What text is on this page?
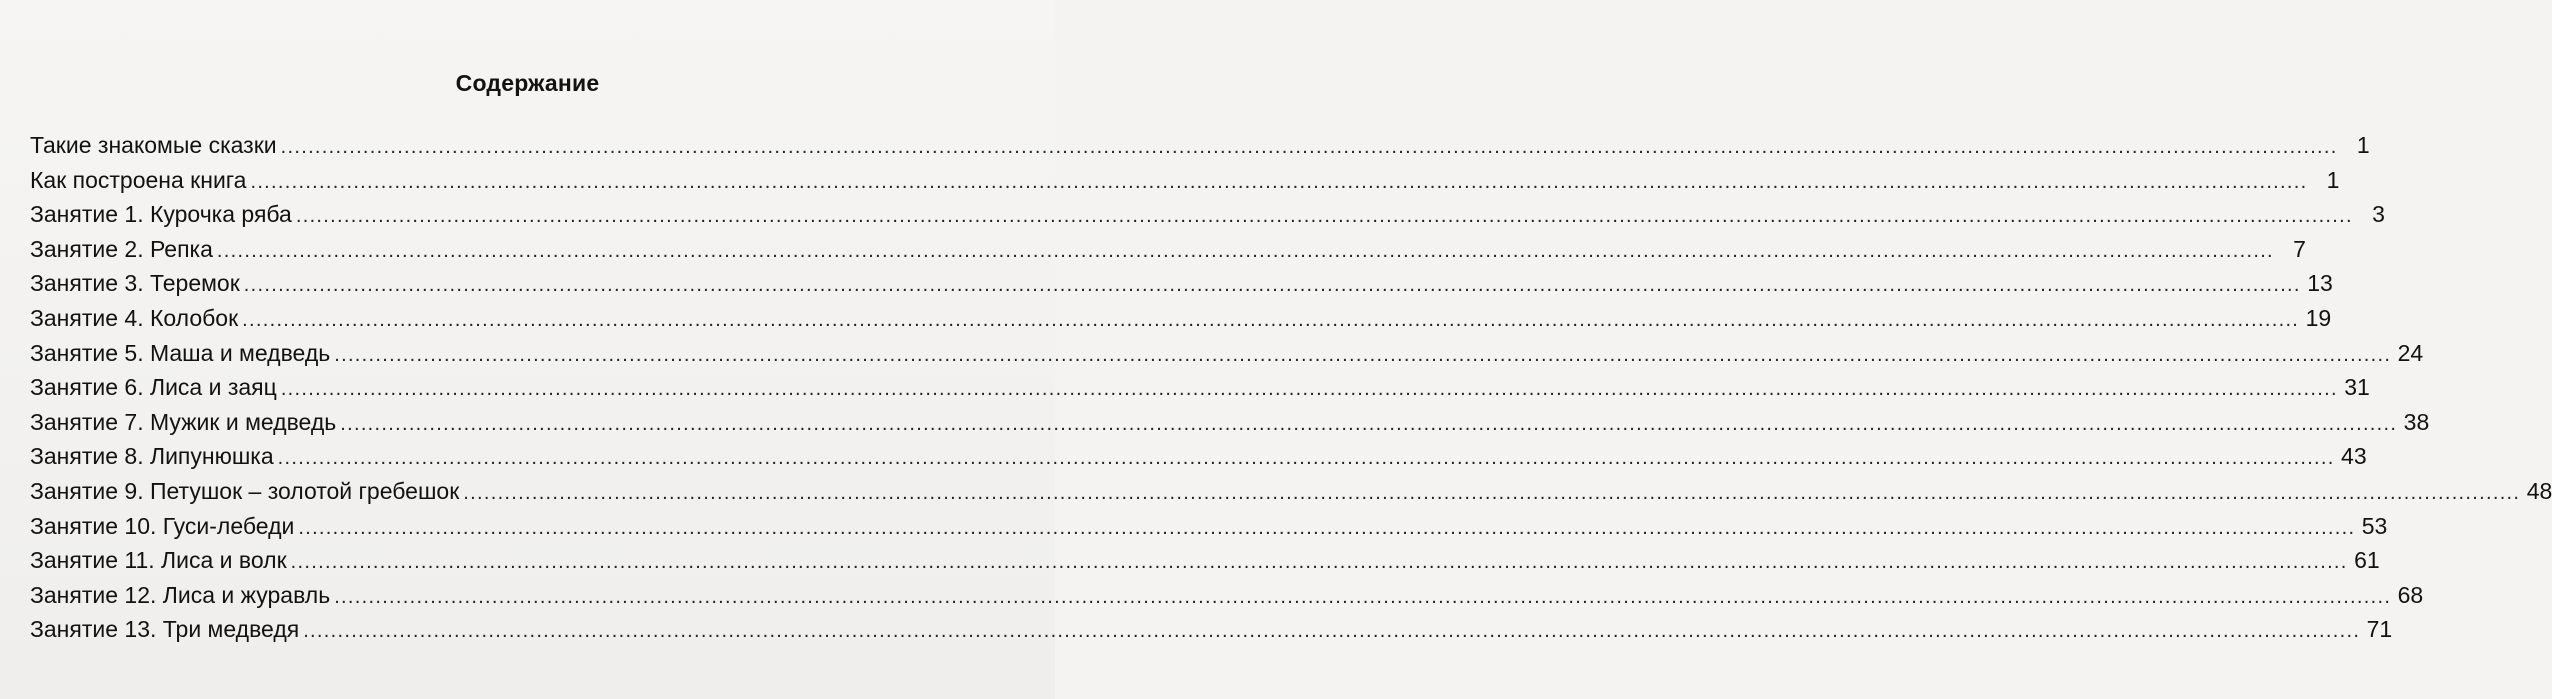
Содержание
Такие знакомые сказки ............................................................................................................................................................................................................................................................................................................ 1
Как построена книга ............................................................................................................................................................................................................................................................................................................ 1
Занятие 1. Курочка ряба ............................................................................................................................................................................................................................................................................................................ 3
Занятие 2. Репка ............................................................................................................................................................................................................................................................................................................ 7
Занятие 3. Теремок ............................................................................................................................................................................................................................................................................................................ 13
Занятие 4. Колобок ............................................................................................................................................................................................................................................................................................................ 19
Занятие 5. Маша и медведь ............................................................................................................................................................................................................................................................................................................ 24
Занятие 6. Лиса и заяц ............................................................................................................................................................................................................................................................................................................ 31
Занятие 7. Мужик и медведь ............................................................................................................................................................................................................................................................................................................ 38
Занятие 8. Липунюшка ............................................................................................................................................................................................................................................................................................................ 43
Занятие 9. Петушок – золотой гребешок ............................................................................................................................................................................................................................................................................................................ 48
Занятие 10. Гуси-лебеди ............................................................................................................................................................................................................................................................................................................ 53
Занятие 11. Лиса и волк ............................................................................................................................................................................................................................................................................................................ 61
Занятие 12. Лиса и журавль ............................................................................................................................................................................................................................................................................................................ 68
Занятие 13. Три медведя ............................................................................................................................................................................................................................................................................................................ 71
